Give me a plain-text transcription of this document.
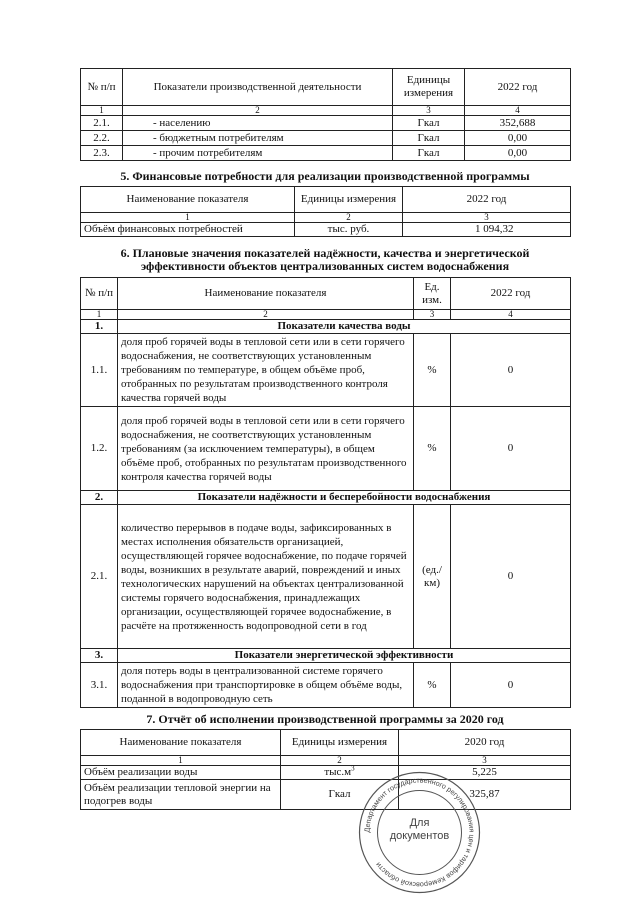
№ п/п	Показатели производственной деятельности	Единицы измерения	2022 год
1	2	3	4
2.1.	- населению	Гкал	352,688
2.2.	- бюджетным потребителям	Гкал	0,00
2.3.	- прочим потребителям	Гкал	0,00
5. Финансовые потребности для реализации производственной программы
Наименование показателя	Единицы измерения	2022 год
1	2	3
Объём финансовых потребностей	тыс. руб.	1 094,32
6. Плановые значения показателей надёжности, качества и энергетической
эффективности объектов централизованных систем водоснабжения
№ п/п	Наименование показателя	Ед. изм.	2022 год
1	2	3	4
1.	Показатели качества воды		
1.1.	доля проб горячей воды в тепловой сети или в сети горячего водоснабжения, не соответствующих установленным требованиям по температуре, в общем объёме проб, отобранных по результатам производственного контроля качества горячей воды	%	0
1.2.	доля проб горячей воды в тепловой сети или в сети горячего водоснабжения, не соответствующих установленным требованиям (за исключением температуры), в общем объёме проб, отобранных по результатам производственного контроля качества горячей воды	%	0
2.	Показатели надёжности и бесперебойности водоснабжения		
2.1.	количество перерывов в подаче воды, зафиксированных в местах исполнения обязательств организацией, осуществляющей горячее водоснабжение, по подаче горячей воды, возникших в результате аварий, повреждений и иных технологических нарушений на объектах централизованной системы горячего водоснабжения, принадлежащих организации, осуществляющей горячее водоснабжение, в расчёте на протяженность водопроводной сети в год	(ед./км)	0
3.	Показатели энергетической эффективности		
3.1.	доля потерь воды в централизованной системе горячего водоснабжения при транспортировке в общем объёме воды, поданной в водопроводную сеть	%	0
7. Отчёт об исполнении производственной программы за 2020 год
Наименование показателя	Единицы измерения	2020 год
1	2	3
Объём реализации воды	$тыс.м^3$	5,225
Объём реализации тепловой энергии на подогрев воды	Гкал	325,87
Департамент государственного регулирования цен и тарифов Кемеровской области
Для
документов
